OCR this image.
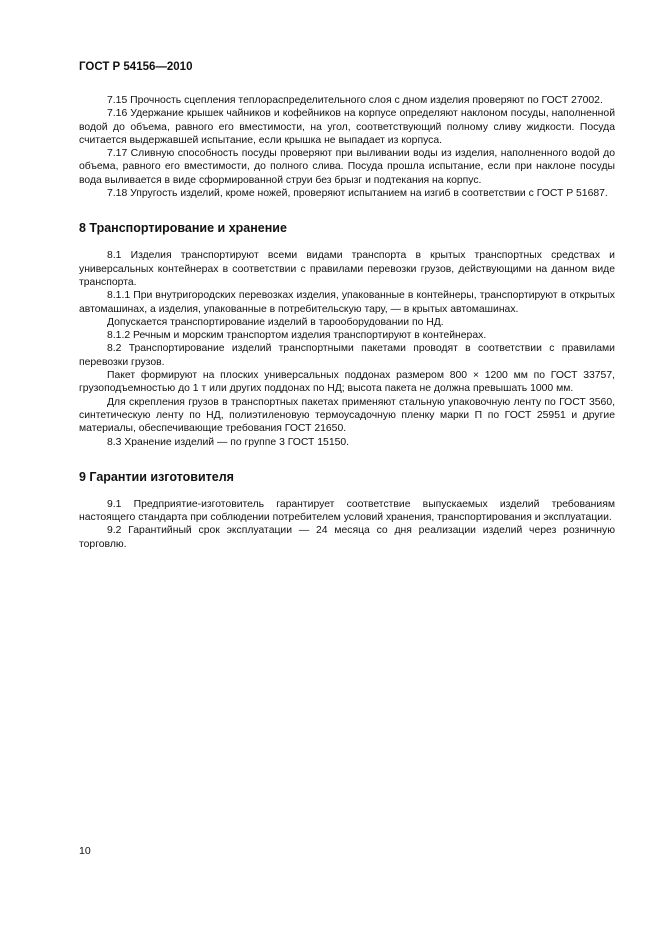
ГОСТ Р 54156—2010

7.15 Прочность сцепления теплораспределительного слоя с дном изделия проверяют по ГОСТ 27002.

7.16 Удержание крышек чайников и кофейников на корпусе определяют наклоном посуды, наполненной водой до объема, равного его вместимости, на угол, соответствующий полному сливу жидкости. Посуда считается выдержавшей испытание, если крышка не выпадает из корпуса.

7.17 Сливную способность посуды проверяют при выливании воды из изделия, наполненного водой до объема, равного его вместимости, до полного слива. Посуда прошла испытание, если при наклоне посуды вода выливается в виде сформированной струи без брызг и подтекания на корпус.

7.18 Упругость изделий, кроме ножей, проверяют испытанием на изгиб в соответствии с ГОСТ Р 51687.

8 Транспортирование и хранение

8.1 Изделия транспортируют всеми видами транспорта в крытых транспортных средствах и универсальных контейнерах в соответствии с правилами перевозки грузов, действующими на данном виде транспорта.

8.1.1 При внутригородских перевозках изделия, упакованные в контейнеры, транспортируют в открытых автомашинах, а изделия, упакованные в потребительскую тару, — в крытых автомашинах.

Допускается транспортирование изделий в тарооборудовании по НД.

8.1.2 Речным и морским транспортом изделия транспортируют в контейнерах.

8.2 Транспортирование изделий транспортными пакетами проводят в соответствии с правилами перевозки грузов.

Пакет формируют на плоских универсальных поддонах размером 800 × 1200 мм по ГОСТ 33757, грузоподъемностью до 1 т или других поддонах по НД; высота пакета не должна превышать 1000 мм.

Для скрепления грузов в транспортных пакетах применяют стальную упаковочную ленту по ГОСТ 3560, синтетическую ленту по НД, полиэтиленовую термоусадочную пленку марки П по ГОСТ 25951 и другие материалы, обеспечивающие требования ГОСТ 21650.

8.3 Хранение изделий — по группе 3 ГОСТ 15150.

9 Гарантии изготовителя

9.1 Предприятие-изготовитель гарантирует соответствие выпускаемых изделий требованиям настоящего стандарта при соблюдении потребителем условий хранения, транспортирования и эксплуатации.

9.2 Гарантийный срок эксплуатации — 24 месяца со дня реализации изделий через розничную торговлю.

10
